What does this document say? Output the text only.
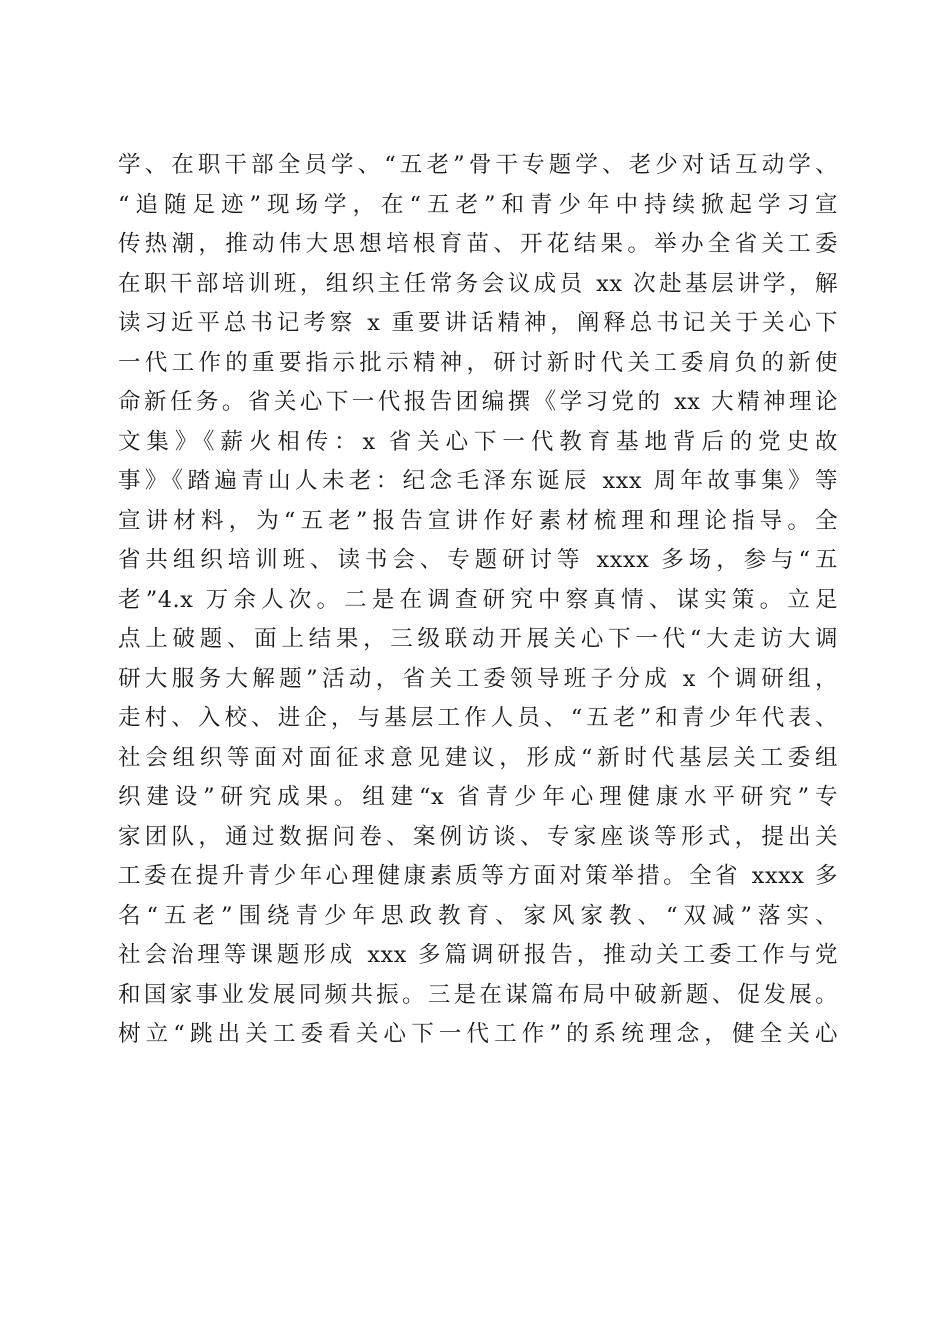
学、在职干部全员学、“五老”骨干专题学、老少对话互动学、
“追随足迹”现场学，在“五老”和青少年中持续掀起学习宣
传热潮，推动伟大思想培根育苗、开花结果。举办全省关工委
在职干部培训班，组织主任常务会议成员 xx 次赴基层讲学，解
读习近平总书记考察 x 重要讲话精神，阐释总书记关于关心下
一代工作的重要指示批示精神，研讨新时代关工委肩负的新使
命新任务。省关心下一代报告团编撰《学习党的 xx 大精神理论
文集》《薪火相传：x 省关心下一代教育基地背后的党史故
事》《踏遍青山人未老：纪念毛泽东诞辰 xxx 周年故事集》等
宣讲材料，为“五老”报告宣讲作好素材梳理和理论指导。全
省共组织培训班、读书会、专题研讨等 xxxx 多场，参与“五
老”4.x 万余人次。二是在调查研究中察真情、谋实策。立足
点上破题、面上结果，三级联动开展关心下一代“大走访大调
研大服务大解题”活动，省关工委领导班子分成 x 个调研组，
走村、入校、进企，与基层工作人员、“五老”和青少年代表、
社会组织等面对面征求意见建议，形成“新时代基层关工委组
织建设”研究成果。组建“x 省青少年心理健康水平研究”专
家团队，通过数据问卷、案例访谈、专家座谈等形式，提出关
工委在提升青少年心理健康素质等方面对策举措。全省 xxxx 多
名“五老”围绕青少年思政教育、家风家教、“双减”落实、
社会治理等课题形成 xxx 多篇调研报告，推动关工委工作与党
和国家事业发展同频共振。三是在谋篇布局中破新题、促发展。
树立“跳出关工委看关心下一代工作”的系统理念，健全关心
